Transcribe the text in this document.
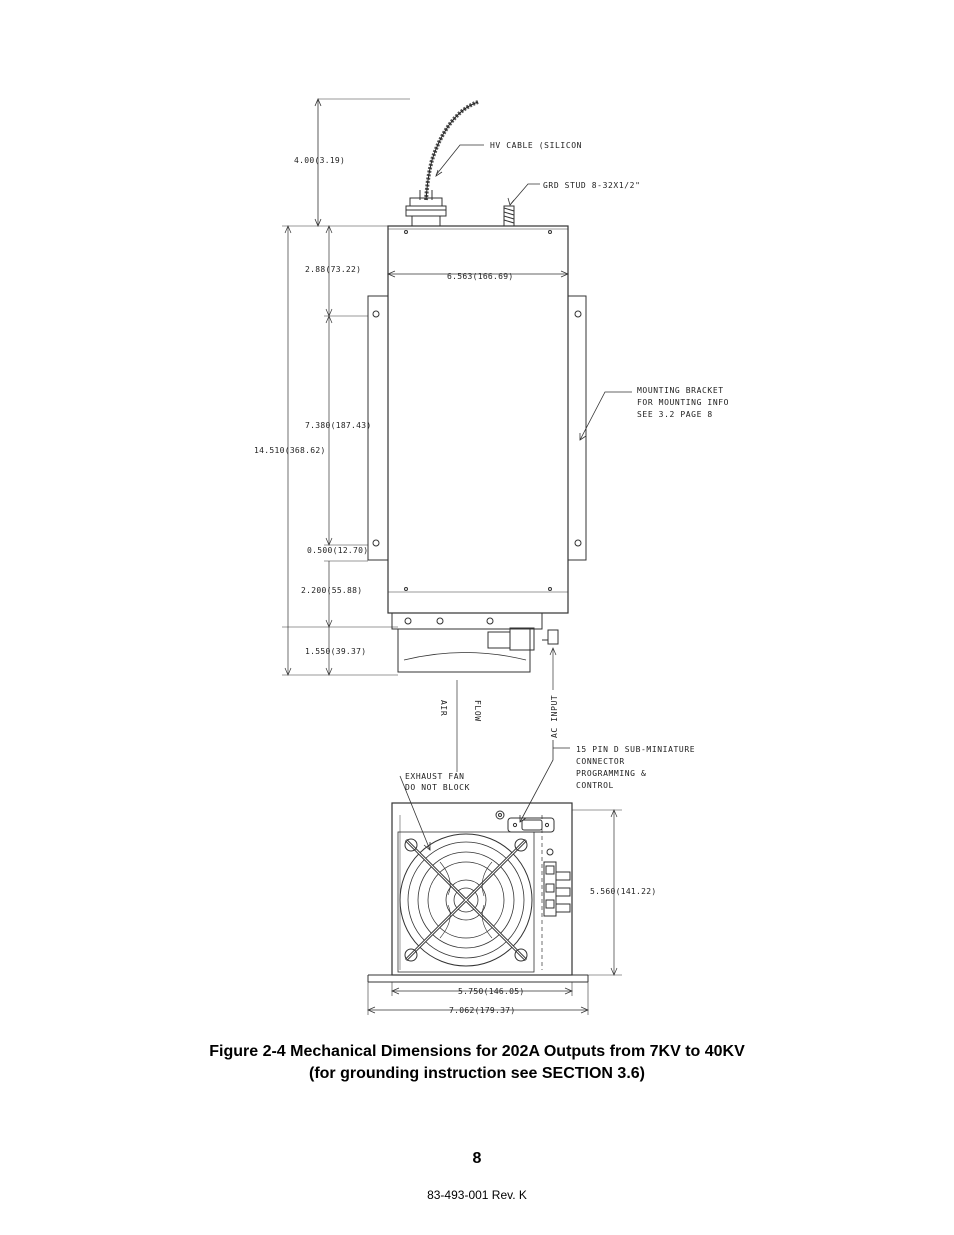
HV CABLE (SILICON
GRD STUD 8-32X1/2"
4.00(3.19)
2.88(73.22)
6.563(166.69)
7.380(187.43)
14.510(368.62)
0.500(12.70)
2.200(55.88)
1.550(39.37)
MOUNTING BRACKET
FOR MOUNTING INFO
SEE 3.2 PAGE 8
AIR	FLOW	AC INPUT
15 PIN D SUB-MINIATURE
CONNECTOR
PROGRAMMING &
CONTROL
EXHAUST FAN
DO NOT BLOCK
5.560(141.22)
5.750(146.05)
7.062(179.37)
Figure 2-4 Mechanical Dimensions for 202A Outputs from 7KV to 40KV
(for grounding instruction see SECTION 3.6)
8
83-493-001 Rev. K
